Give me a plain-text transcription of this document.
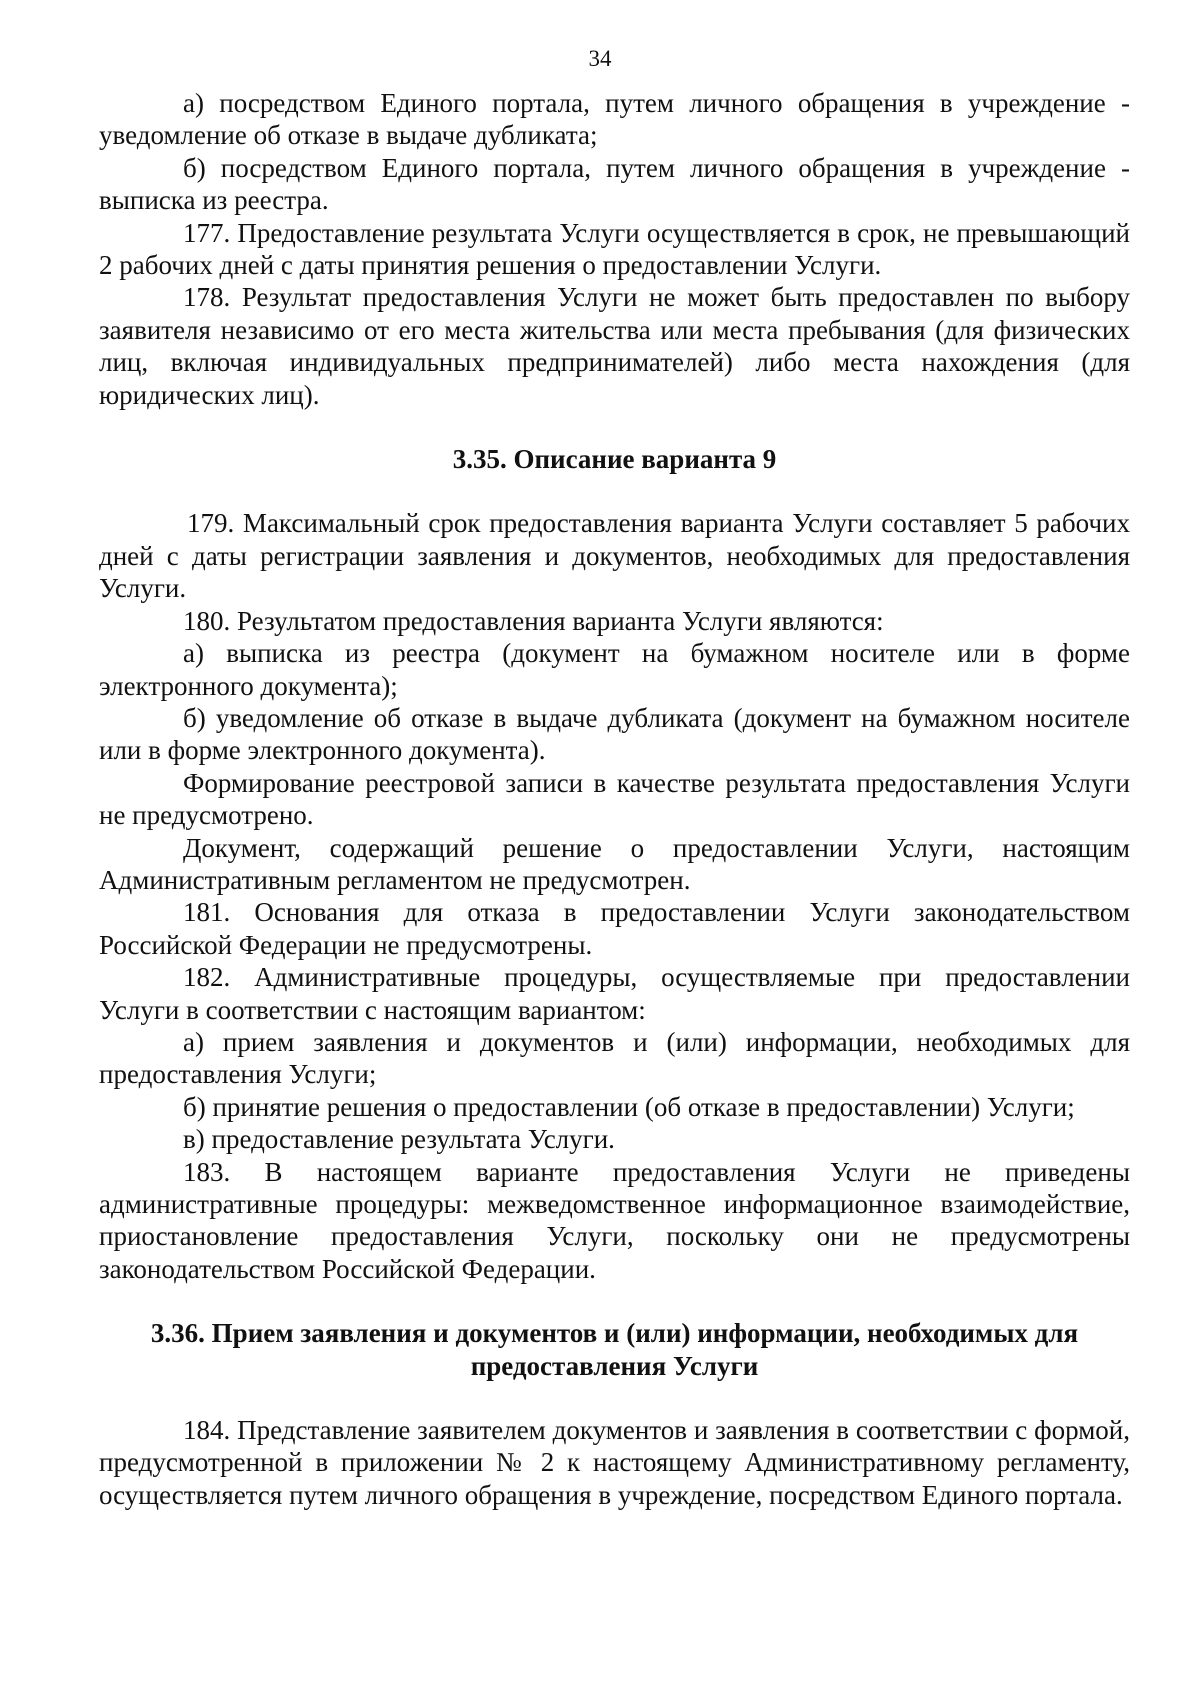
34

а) посредством Единого портала, путем личного обращения в учреждение - уведомление об отказе в выдаче дубликата;

б) посредством Единого портала, путем личного обращения в учреждение - выписка из реестра.

177. Предоставление результата Услуги осуществляется в срок, не превышающий 2 рабочих дней с даты принятия решения о предоставлении Услуги.

178. Результат предоставления Услуги не может быть предоставлен по выбору заявителя независимо от его места жительства или места пребывания (для физических лиц, включая индивидуальных предпринимателей) либо места нахождения (для юридических лиц).

3.35. Описание варианта 9

179. Максимальный срок предоставления варианта Услуги составляет 5 рабочих дней с даты регистрации заявления и документов, необходимых для предоставления Услуги.

180. Результатом предоставления варианта Услуги являются:

а) выписка из реестра (документ на бумажном носителе или в форме электронного документа);

б) уведомление об отказе в выдаче дубликата (документ на бумажном носителе или в форме электронного документа).

Формирование реестровой записи в качестве результата предоставления Услуги не предусмотрено.

Документ, содержащий решение о предоставлении Услуги, настоящим Административным регламентом не предусмотрен.

181. Основания для отказа в предоставлении Услуги законодательством Российской Федерации не предусмотрены.

182. Административные процедуры, осуществляемые при предоставлении Услуги в соответствии с настоящим вариантом:

а) прием заявления и документов и (или) информации, необходимых для предоставления Услуги;

б) принятие решения о предоставлении (об отказе в предоставлении) Услуги;

в) предоставление результата Услуги.

183. В настоящем варианте предоставления Услуги не приведены административные процедуры: межведомственное информационное взаимодействие, приостановление предоставления Услуги, поскольку они не предусмотрены законодательством Российской Федерации.

3.36. Прием заявления и документов и (или) информации, необходимых для предоставления Услуги

184. Представление заявителем документов и заявления в соответствии с формой, предусмотренной в приложении № 2 к настоящему Административному регламенту, осуществляется путем личного обращения в учреждение, посредством Единого портала.
